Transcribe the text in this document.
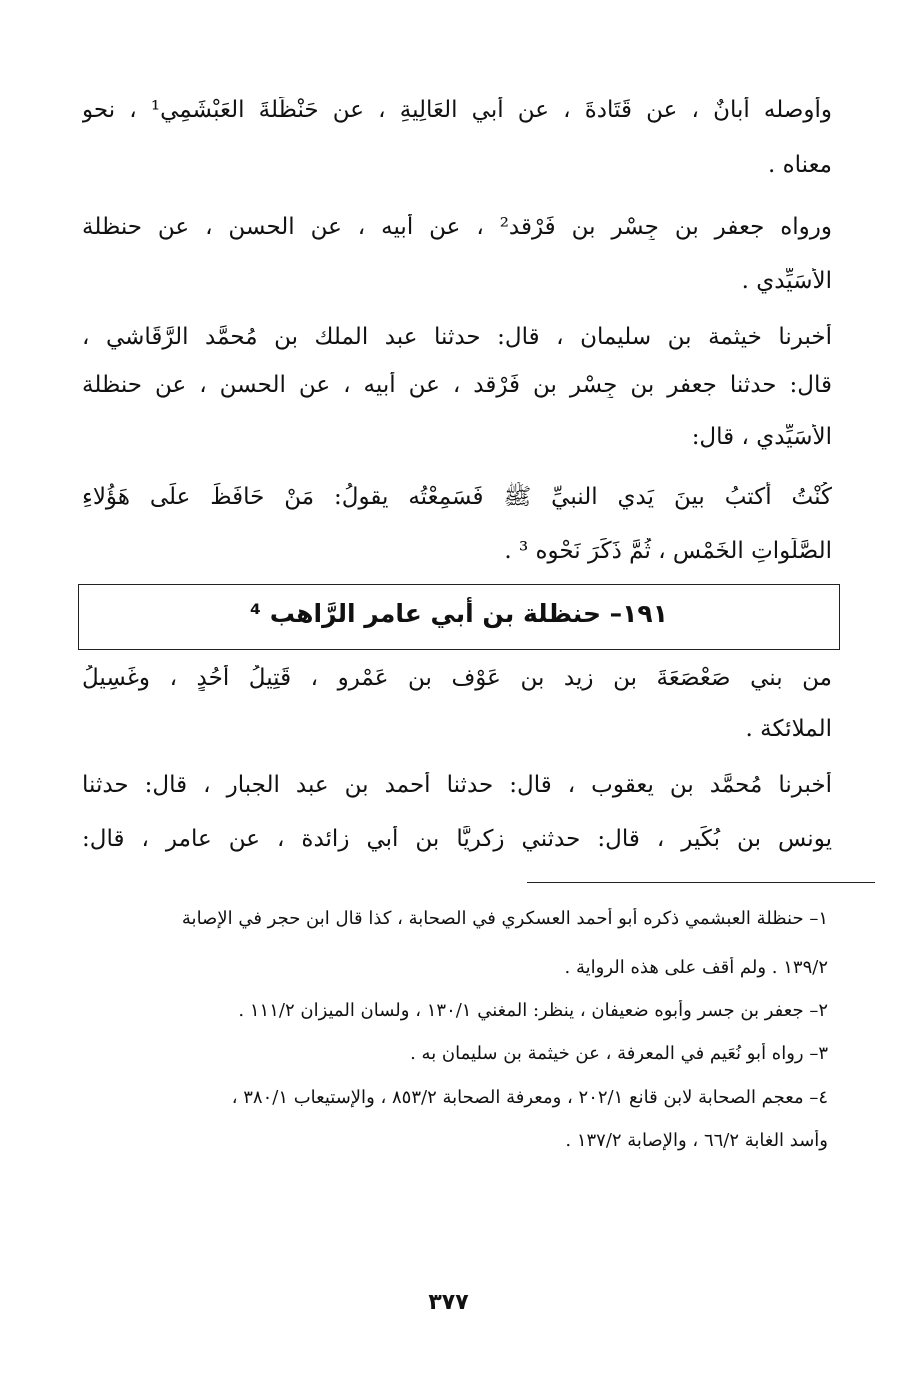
وأوصله أبانٌ ، عن قَتَادةَ ، عن أبي العَالِيةِ ، عن حَنْظَلةَ العَبْشَمِي¹ ، نحو
معناه .
ورواه جعفر بن جِسْر بن فَرْقد² ، عن أبيه ، عن الحسن ، عن حنظلة
الأُسَيِّدي .
أخبرنا خيثمة بن سليمان ، قال: حدثنا عبد الملك بن مُحمَّد الرَّقَاشي ،
قال: حدثنا جعفر بن جِسْر بن فَرْقد ، عن أبيه ، عن الحسن ، عن حنظلة
الأُسَيِّدي ، قال:
كُنْتُ أكتبُ بينَ يَدي النبيِّ ﷺ فَسَمِعْتُه يقولُ: مَنْ حَافَظَ علَى هَؤُلاءِ
الصَّلَواتِ الخَمْسِ ، ثُمَّ ذَكَرَ نَحْوه ³ .
١٩١– حنظلة بن أبي عامر الرَّاهب ⁴
من بني صَعْصَعَةَ بن زيد بن عَوْف بن عَمْرو ، قَتِيلُ أُحُدٍ ، وغَسِيلُ
الملائكة .
أخبرنا مُحمَّد بن يعقوب ، قال: حدثنا أحمد بن عبد الجبار ، قال: حدثنا
يونس بن بُكَير ، قال: حدثني زكريًّا بن أبي زائدة ، عن عامر ، قال:
١– حنظلة العبشمي ذكره أبو أحمد العسكري في الصحابة ، كذا قال ابن حجر في الإصابة
١٣٩/٢ . ولم أقف على هذه الرواية .
٢– جعفر بن جسر وأبوه ضعيفان ، ينظر: المغني ١٣٠/١ ، ولسان الميزان ١١١/٢ .
٣– رواه أبو نُعَيم في المعرفة ، عن خيثمة بن سليمان به .
٤– معجم الصحابة لابن قانع ٢٠٢/١ ، ومعرفة الصحابة ٨٥٣/٢ ، والإستيعاب ٣٨٠/١ ،
وأُسد الغابة ٦٦/٢ ، والإصابة ١٣٧/٢ .
٣٧٧
